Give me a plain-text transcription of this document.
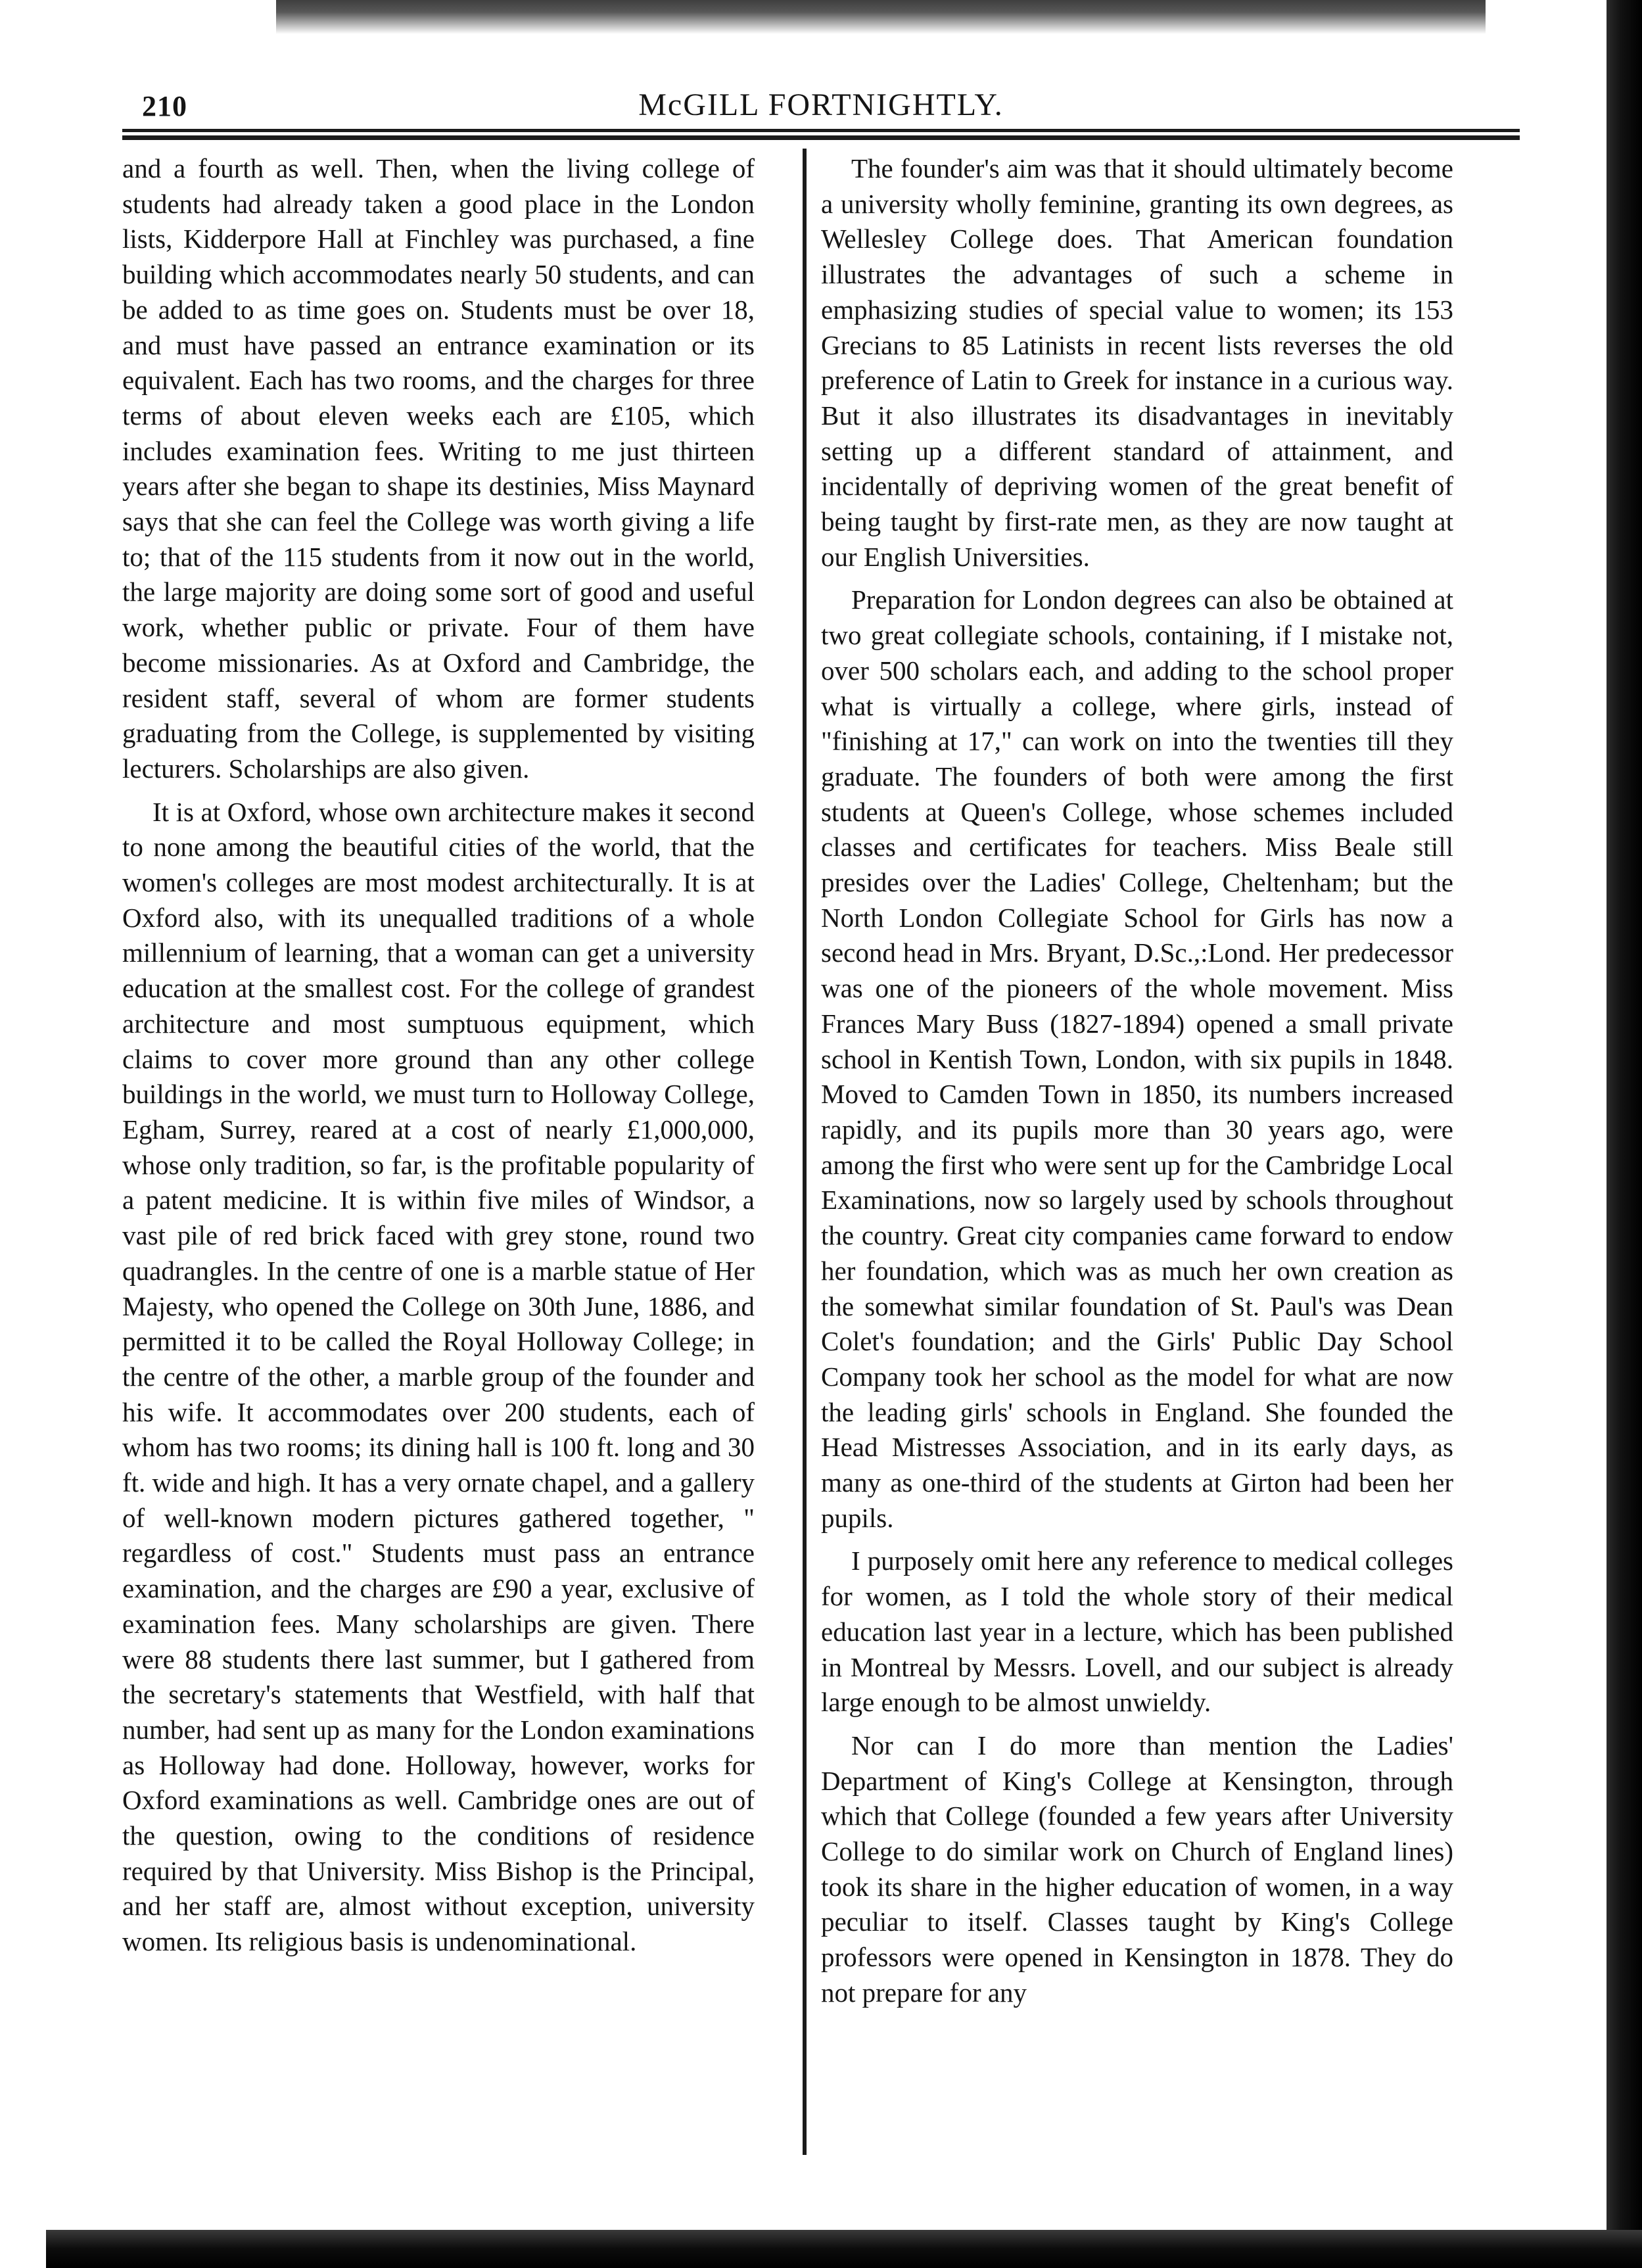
210	McGILL FORTNIGHTLY.

and a fourth as well. Then, when the living college of students had already taken a good place in the London lists, Kidderpore Hall at Finchley was purchased, a fine building which accommodates nearly 50 students, and can be added to as time goes on. Students must be over 18, and must have passed an entrance examination or its equivalent. Each has two rooms, and the charges for three terms of about eleven weeks each are £105, which includes examination fees. Writing to me just thirteen years after she began to shape its destinies, Miss Maynard says that she can feel the College was worth giving a life to; that of the 115 students from it now out in the world, the large majority are doing some sort of good and useful work, whether public or private. Four of them have become missionaries. As at Oxford and Cambridge, the resident staff, several of whom are former students graduating from the College, is supplemented by visiting lecturers. Scholarships are also given.

It is at Oxford, whose own architecture makes it second to none among the beautiful cities of the world, that the women's colleges are most modest architecturally. It is at Oxford also, with its unequalled traditions of a whole millennium of learning, that a woman can get a university education at the smallest cost. For the college of grandest architecture and most sumptuous equipment, which claims to cover more ground than any other college buildings in the world, we must turn to Holloway College, Egham, Surrey, reared at a cost of nearly £1,000,000, whose only tradition, so far, is the profitable popularity of a patent medicine. It is within five miles of Windsor, a vast pile of red brick faced with grey stone, round two quadrangles. In the centre of one is a marble statue of Her Majesty, who opened the College on 30th June, 1886, and permitted it to be called the Royal Holloway College; in the centre of the other, a marble group of the founder and his wife. It accommodates over 200 students, each of whom has two rooms; its dining hall is 100 ft. long and 30 ft. wide and high. It has a very ornate chapel, and a gallery of well-known modern pictures gathered together, " regardless of cost." Students must pass an entrance examination, and the charges are £90 a year, exclusive of examination fees. Many scholarships are given. There were 88 students there last summer, but I gathered from the secretary's statements that Westfield, with half that number, had sent up as many for the London examinations as Holloway had done. Holloway, however, works for Oxford examinations as well. Cambridge ones are out of the question, owing to the conditions of residence required by that University. Miss Bishop is the Principal, and her staff are, almost without exception, university women. Its religious basis is undenominational.

The founder's aim was that it should ultimately become a university wholly feminine, granting its own degrees, as Wellesley College does. That American foundation illustrates the advantages of such a scheme in emphasizing studies of special value to women; its 153 Grecians to 85 Latinists in recent lists reverses the old preference of Latin to Greek for instance in a curious way. But it also illustrates its disadvantages in inevitably setting up a different standard of attainment, and incidentally of depriving women of the great benefit of being taught by first-rate men, as they are now taught at our English Universities.

Preparation for London degrees can also be obtained at two great collegiate schools, containing, if I mistake not, over 500 scholars each, and adding to the school proper what is virtually a college, where girls, instead of "finishing at 17," can work on into the twenties till they graduate. The founders of both were among the first students at Queen's College, whose schemes included classes and certificates for teachers. Miss Beale still presides over the Ladies' College, Cheltenham; but the North London Collegiate School for Girls has now a second head in Mrs. Bryant, D.Sc.,:Lond. Her predecessor was one of the pioneers of the whole movement. Miss Frances Mary Buss (1827-1894) opened a small private school in Kentish Town, London, with six pupils in 1848. Moved to Camden Town in 1850, its numbers increased rapidly, and its pupils more than 30 years ago, were among the first who were sent up for the Cambridge Local Examinations, now so largely used by schools throughout the country. Great city companies came forward to endow her foundation, which was as much her own creation as the somewhat similar foundation of St. Paul's was Dean Colet's foundation; and the Girls' Public Day School Company took her school as the model for what are now the leading girls' schools in England. She founded the Head Mistresses Association, and in its early days, as many as one-third of the students at Girton had been her pupils.

I purposely omit here any reference to medical colleges for women, as I told the whole story of their medical education last year in a lecture, which has been published in Montreal by Messrs. Lovell, and our subject is already large enough to be almost unwieldy.

Nor can I do more than mention the Ladies' Department of King's College at Kensington, through which that College (founded a few years after University College to do similar work on Church of England lines) took its share in the higher education of women, in a way peculiar to itself. Classes taught by King's College professors were opened in Kensington in 1878. They do not prepare for any
